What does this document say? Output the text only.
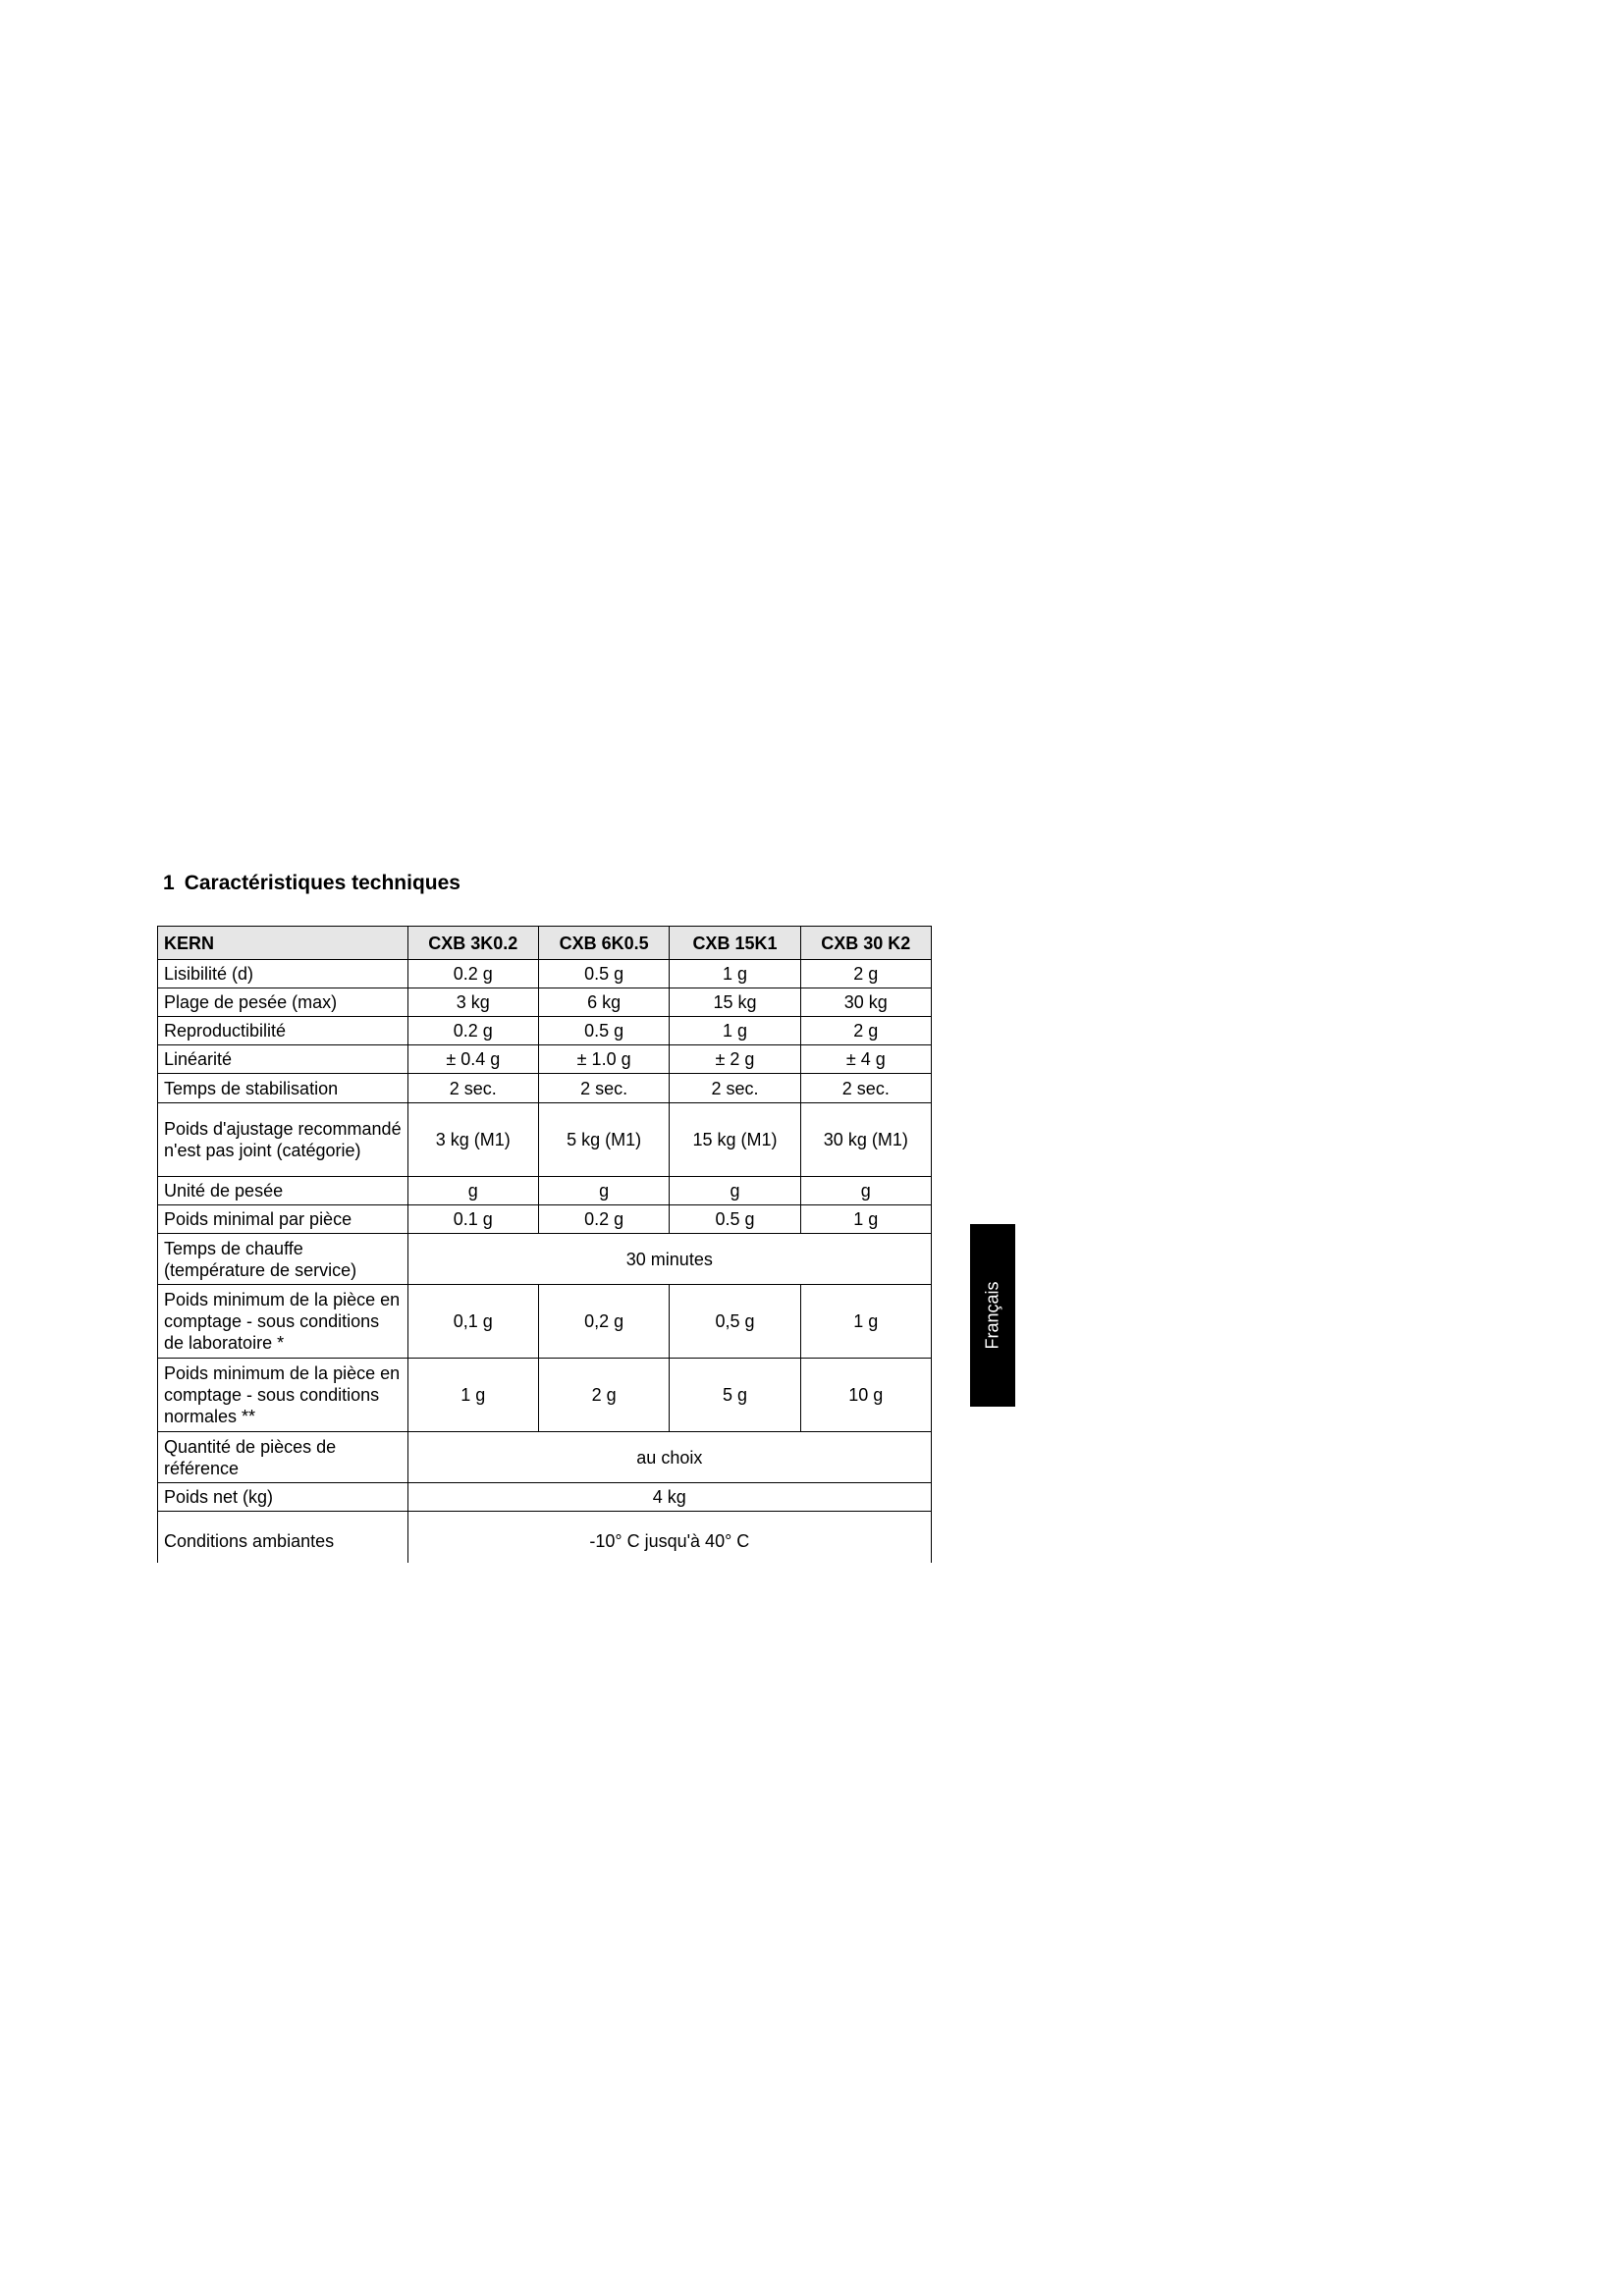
1 Caractéristiques techniques
KERN	CXB 3K0.2	CXB 6K0.5	CXB 15K1	CXB 30 K2
Lisibilité (d)	0.2 g	0.5 g	1 g	2 g
Plage de pesée (max)	3 kg	6 kg	15 kg	30 kg
Reproductibilité	0.2 g	0.5 g	1 g	2 g
Linéarité	± 0.4 g	± 1.0 g	± 2 g	± 4 g
Temps de stabilisation	2 sec.	2 sec.	2 sec.	2 sec.
Poids d'ajustage recommandé n'est pas joint (catégorie)	3 kg (M1)	5 kg (M1)	15 kg (M1)	30 kg (M1)
Unité de pesée	g	g	g	g
Poids minimal par pièce	0.1 g	0.2 g	0.5 g	1 g
Temps de chauffe (température de service)	30 minutes			
Poids minimum de la pièce en comptage - sous conditions de laboratoire *	0,1 g	0,2 g	0,5 g	1 g
Poids minimum de la pièce en comptage - sous conditions normales **	1 g	2 g	5 g	10 g
Quantité de pièces de référence	au choix			
Poids net (kg)	4 kg			
Conditions ambiantes	-10° C jusqu'à 40° C			
Français
